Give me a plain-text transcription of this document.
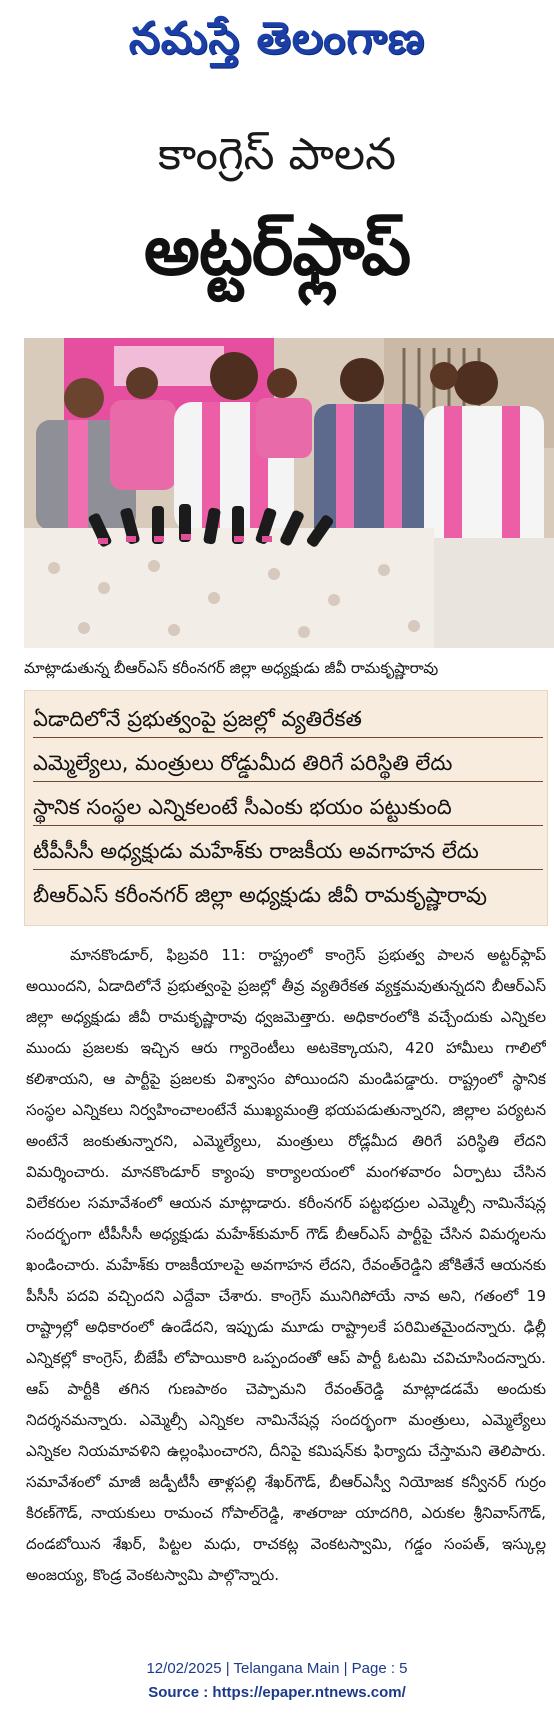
నమస్తే తెలంగాణ
కాంగ్రెస్ పాలన
అట్టర్‌ఫ్లాప్
మాట్లాడుతున్న బీఆర్ఎస్ కరీంనగర్ జిల్లా అధ్యక్షుడు జీవీ రామకృష్ణారావు
ఏడాదిలోనే ప్రభుత్వంపై ప్రజల్లో వ్యతిరేకత
ఎమ్మెల్యేలు, మంత్రులు రోడ్డుమీద తిరిగే పరిస్థితి లేదు
స్థానిక సంస్థల ఎన్నికలంటే సీఎంకు భయం పట్టుకుంది
టీపీసీసీ అధ్యక్షుడు మహేశ్‌కు రాజకీయ అవగాహన లేదు
బీఆర్ఎస్ కరీంనగర్ జిల్లా అధ్యక్షుడు జీవీ రామకృష్ణారావు
మానకొండూర్, ఫిబ్రవరి 11: రాష్ట్రంలో కాంగ్రెస్ ప్రభుత్వ పాలన అట్టర్‌ఫ్లాప్ అయిందని, ఏడాదిలోనే ప్రభుత్వంపై ప్రజల్లో తీవ్ర వ్యతిరేకత వ్యక్తమవుతున్నదని బీఆర్ఎస్ జిల్లా అధ్యక్షుడు జీవీ రామకృష్ణారావు ధ్వజమెత్తారు. అధికారంలోకి వచ్చేందుకు ఎన్నికల ముందు ప్రజలకు ఇచ్చిన ఆరు గ్యారెంటీలు అటకెక్కాయని, 420 హామీలు గాలిలో కలిశాయని, ఆ పార్టీపై ప్రజలకు విశ్వాసం పోయిందని మండిపడ్డారు. రాష్ట్రంలో స్థానిక సంస్థల ఎన్నికలు నిర్వహించాలంటేనే ముఖ్యమంత్రి భయపడుతున్నారని, జిల్లాల పర్యటన అంటేనే జంకుతున్నారని, ఎమ్మెల్యేలు, మంత్రులు రోడ్లమీద తిరిగే పరిస్థితి లేదని విమర్శించారు. మానకొండూర్ క్యాంపు కార్యాలయంలో మంగళవారం ఏర్పాటు చేసిన విలేకరుల సమావేశంలో ఆయన మాట్లాడారు. కరీంనగర్ పట్టభద్రుల ఎమ్మెల్సీ నామినేషన్ల సందర్భంగా టీపీసీసీ అధ్యక్షుడు మహేశ్‌కుమార్ గౌడ్ బీఆర్ఎస్ పార్టీపై చేసిన విమర్శలను ఖండించారు. మహేశ్‌కు రాజకీయాలపై అవగాహన లేదని, రేవంత్‌రెడ్డిని జోకితేనే ఆయనకు పీసీసీ పదవి వచ్చిందని ఎద్దేవా చేశారు. కాంగ్రెస్ మునిగిపోయే నావ అని, గతంలో 19 రాష్ట్రాల్లో అధికారంలో ఉండేదని, ఇప్పుడు మూడు రాష్ట్రాలకే పరిమితమైందన్నారు. ఢిల్లీ ఎన్నికల్లో కాంగ్రెస్, బీజేపీ లోపాయికారి ఒప్పందంతో ఆప్ పార్టీ ఓటమి చవిచూసిందన్నారు. ఆప్ పార్టీకి తగిన గుణపాఠం చెప్పామని రేవంత్‌రెడ్డి మాట్లాడడమే అందుకు నిదర్శనమన్నారు. ఎమ్మెల్సీ ఎన్నికల నామినేషన్ల సందర్భంగా మంత్రులు, ఎమ్మెల్యేలు ఎన్నికల నియమావళిని ఉల్లంఘించారని, దీనిపై కమిషన్‌కు ఫిర్యాదు చేస్తామని తెలిపారు. సమావేశంలో మాజీ జడ్పీటీసీ తాళ్లపల్లి శేఖర్‌గౌడ్, బీఆర్ఎస్వీ నియోజక కన్వీనర్ గుర్రం కిరణ్‌గౌడ్, నాయకులు రామంచ గోపాల్‌రెడ్డి, శాతరాజు యాదగిరి, ఎరుకల శ్రీనివాస్‌గౌడ్, దండబోయిన శేఖర్, పిట్టల మధు, రాచకట్ల వెంకటస్వామి, గడ్డం సంపత్, ఇస్కుల్ల అంజయ్య, కొండ్ర వెంకటస్వామి పాల్గొన్నారు.
12/02/2025 | Telangana Main | Page : 5
Source : https://epaper.ntnews.com/
